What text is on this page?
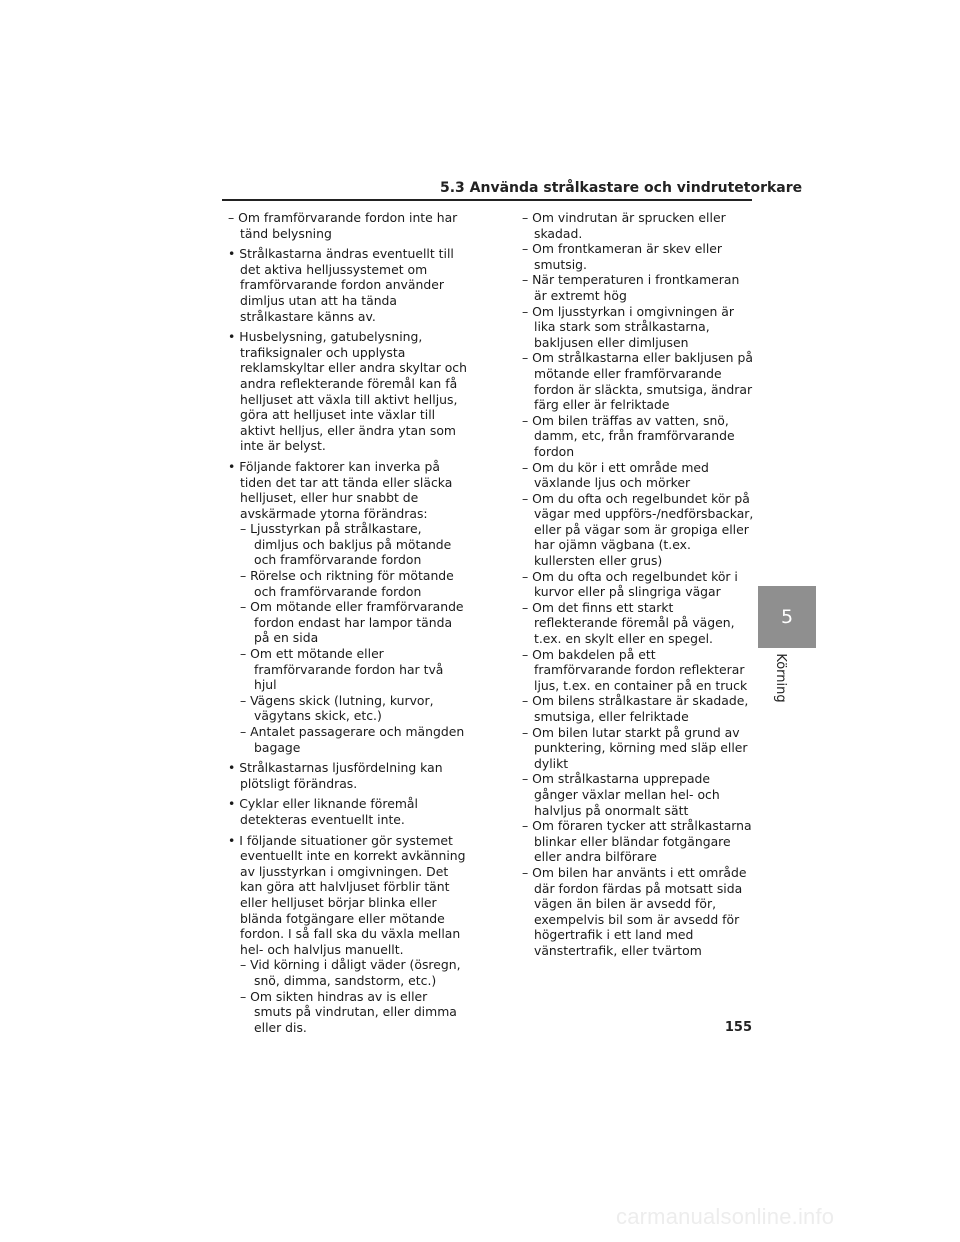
5.3 Använda strålkastare och vindrutetorkare

– Om framförvarande fordon inte har tänd belysning

• Strålkastarna ändras eventuellt till det aktiva helljussystemet om framförvarande fordon använder dimljus utan att ha tända strålkastare känns av.

• Husbelysning, gatubelysning, trafiksignaler och upplysta reklamskyltar eller andra skyltar och andra reflekterande föremål kan få helljuset att växla till aktivt helljus, göra att helljuset inte växlar till aktivt helljus, eller ändra ytan som inte är belyst.

• Följande faktorer kan inverka på tiden det tar att tända eller släcka helljuset, eller hur snabbt de avskärmade ytorna förändras:

– Ljusstyrkan på strålkastare, dimljus och bakljus på mötande och framförvarande fordon

– Rörelse och riktning för mötande och framförvarande fordon

– Om mötande eller framförvarande fordon endast har lampor tända på en sida

– Om ett mötande eller framförvarande fordon har två hjul

– Vägens skick (lutning, kurvor, vägytans skick, etc.)

– Antalet passagerare och mängden bagage

• Strålkastarnas ljusfördelning kan plötsligt förändras.

• Cyklar eller liknande föremål detekteras eventuellt inte.

• I följande situationer gör systemet eventuellt inte en korrekt avkänning av ljusstyrkan i omgivningen. Det kan göra att halvljuset förblir tänt eller helljuset börjar blinka eller blända fotgängare eller mötande fordon. I så fall ska du växla mellan hel- och halvljus manuellt.

– Vid körning i dåligt väder (ösregn, snö, dimma, sandstorm, etc.)

– Om sikten hindras av is eller smuts på vindrutan, eller dimma eller dis.

– Om vindrutan är sprucken eller skadad.

– Om frontkameran är skev eller smutsig.

– När temperaturen i frontkameran är extremt hög

– Om ljusstyrkan i omgivningen är lika stark som strålkastarna, bakljusen eller dimljusen

– Om strålkastarna eller bakljusen på mötande eller framförvarande fordon är släckta, smutsiga, ändrar färg eller är felriktade

– Om bilen träffas av vatten, snö, damm, etc, från framförvarande fordon

– Om du kör i ett område med växlande ljus och mörker

– Om du ofta och regelbundet kör på vägar med uppförs-/nedförsbackar, eller på vägar som är gropiga eller har ojämn vägbana (t.ex. kullersten eller grus)

– Om du ofta och regelbundet kör i kurvor eller på slingriga vägar

– Om det finns ett starkt reflekterande föremål på vägen, t.ex. en skylt eller en spegel.

– Om bakdelen på ett framförvarande fordon reflekterar ljus, t.ex. en container på en truck

– Om bilens strålkastare är skadade, smutsiga, eller felriktade

– Om bilen lutar starkt på grund av punktering, körning med släp eller dylikt

– Om strålkastarna upprepade gånger växlar mellan hel- och halvljus på onormalt sätt

– Om föraren tycker att strålkastarna blinkar eller bländar fotgängare eller andra bilförare

– Om bilen har använts i ett område där fordon färdas på motsatt sida vägen än bilen är avsedd för, exempelvis bil som är avsedd för högertrafik i ett land med vänstertrafik, eller tvärtom

5
Körning
155
carmanualsonline.info
